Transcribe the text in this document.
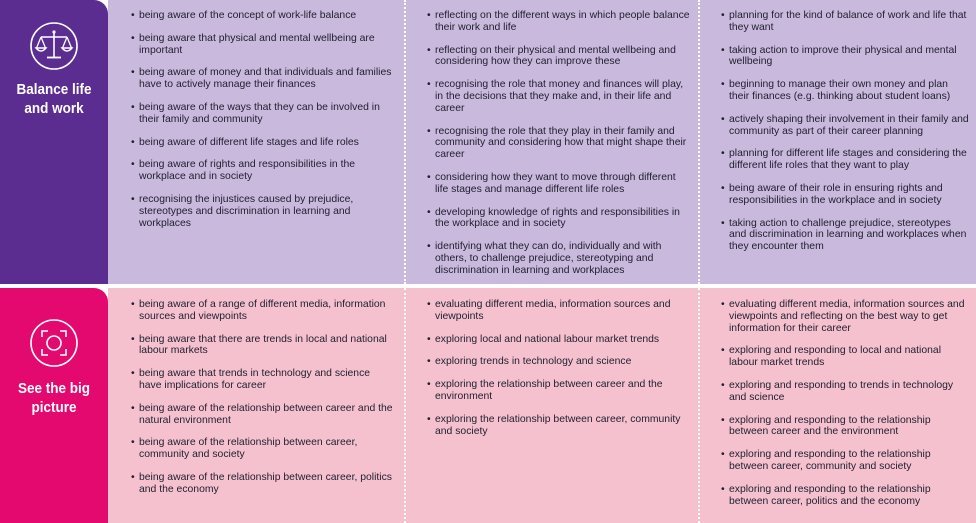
Balance life and work
• being aware of the concept of work-life balance
• being aware that physical and mental wellbeing are important
• being aware of money and that individuals and families have to actively manage their finances
• being aware of the ways that they can be involved in their family and community
• being aware of different life stages and life roles
• being aware of rights and responsibilities in the workplace and in society
• recognising the injustices caused by prejudice, stereotypes and discrimination in learning and workplaces
• reflecting on the different ways in which people balance their work and life
• reflecting on their physical and mental wellbeing and considering how they can improve these
• recognising the role that money and finances will play, in the decisions that they make and, in their life and career
• recognising the role that they play in their family and community and considering how that might shape their career
• considering how they want to move through different life stages and manage different life roles
• developing knowledge of rights and responsibilities in the workplace and in society
• identifying what they can do, individually and with others, to challenge prejudice, stereotyping and discrimination in learning and workplaces
• planning for the kind of balance of work and life that they want
• taking action to improve their physical and mental wellbeing
• beginning to manage their own money and plan their finances (e.g. thinking about student loans)
• actively shaping their involvement in their family and community as part of their career planning
• planning for different life stages and considering the different life roles that they want to play
• being aware of their role in ensuring rights and responsibilities in the workplace and in society
• taking action to challenge prejudice, stereotypes and discrimination in learning and workplaces when they encounter them
See the big picture
• being aware of a range of different media, information sources and viewpoints
• being aware that there are trends in local and national labour markets
• being aware that trends in technology and science have implications for career
• being aware of the relationship between career and the natural environment
• being aware of the relationship between career, community and society
• being aware of the relationship between career, politics and the economy
• evaluating different media, information sources and viewpoints
• exploring local and national labour market trends
• exploring trends in technology and science
• exploring the relationship between career and the environment
• exploring the relationship between career, community and society
• evaluating different media, information sources and viewpoints and reflecting on the best way to get information for their career
• exploring and responding to local and national labour market trends
• exploring and responding to trends in technology and science
• exploring and responding to the relationship between career and the environment
• exploring and responding to the relationship between career, community and society
• exploring and responding to the relationship between career, politics and the economy
